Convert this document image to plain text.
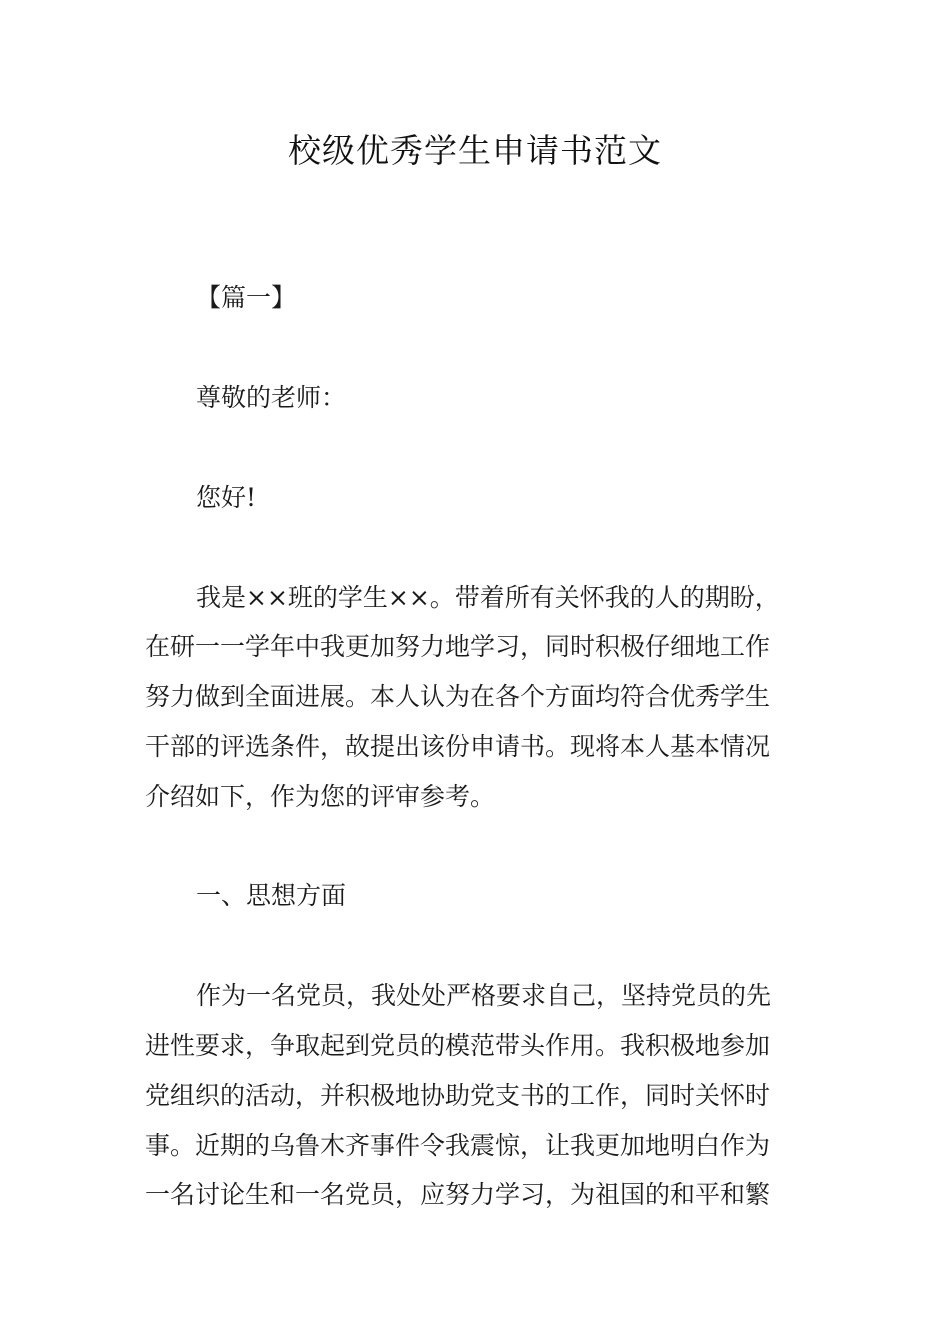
校级优秀学生申请书范文
【篇一】
尊敬的老师：
您好!
我是××班的学生××。带着所有关怀我的人的期盼，
在研一一学年中我更加努力地学习，同时积极仔细地工作
努力做到全面进展。本人认为在各个方面均符合优秀学生
干部的评选条件，故提出该份申请书。现将本人基本情况
介绍如下，作为您的评审参考。
一、思想方面
作为一名党员，我处处严格要求自己，坚持党员的先
进性要求，争取起到党员的模范带头作用。我积极地参加
党组织的活动，并积极地协助党支书的工作，同时关怀时
事。近期的乌鲁木齐事件令我震惊，让我更加地明白作为
一名讨论生和一名党员，应努力学习，为祖国的和平和繁
